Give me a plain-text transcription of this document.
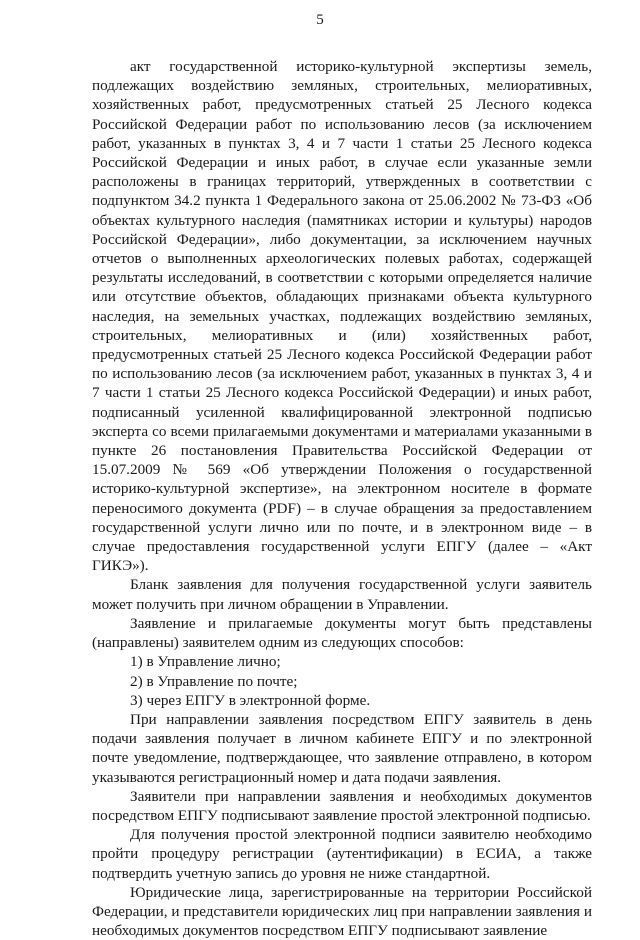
5

акт государственной историко-культурной экспертизы земель, подлежащих воздействию земляных, строительных, мелиоративных, хозяйственных работ, предусмотренных статьей 25 Лесного кодекса Российской Федерации работ по использованию лесов (за исключением работ, указанных в пунктах 3, 4 и 7 части 1 статьи 25 Лесного кодекса Российской Федерации и иных работ, в случае если указанные земли расположены в границах территорий, утвержденных в соответствии с подпунктом 34.2 пункта 1 Федерального закона от 25.06.2002 № 73-ФЗ «Об объектах культурного наследия (памятниках истории и культуры) народов Российской Федерации», либо документации, за исключением научных отчетов о выполненных археологических полевых работах, содержащей результаты исследований, в соответствии с которыми определяется наличие или отсутствие объектов, обладающих признаками объекта культурного наследия, на земельных участках, подлежащих воздействию земляных, строительных, мелиоративных и (или) хозяйственных работ, предусмотренных статьей 25 Лесного кодекса Российской Федерации работ по использованию лесов (за исключением работ, указанных в пунктах 3, 4 и 7 части 1 статьи 25 Лесного кодекса Российской Федерации) и иных работ, подписанный усиленной квалифицированной электронной подписью эксперта со всеми прилагаемыми документами и материалами указанными в пункте 26 постановления Правительства Российской Федерации от 15.07.2009 № 569 «Об утверждении Положения о государственной историко-культурной экспертизе», на электронном носителе в формате переносимого документа (PDF) – в случае обращения за предоставлением государственной услуги лично или по почте, и в электронном виде – в случае предоставления государственной услуги ЕПГУ (далее – «Акт ГИКЭ»).

Бланк заявления для получения государственной услуги заявитель может получить при личном обращении в Управлении.

Заявление и прилагаемые документы могут быть представлены (направлены) заявителем одним из следующих способов:

1) в Управление лично;

2) в Управление по почте;

3) через ЕПГУ в электронной форме.

При направлении заявления посредством ЕПГУ заявитель в день подачи заявления получает в личном кабинете ЕПГУ и по электронной почте уведомление, подтверждающее, что заявление отправлено, в котором указываются регистрационный номер и дата подачи заявления.

Заявители при направлении заявления и необходимых документов посредством ЕПГУ подписывают заявление простой электронной подписью.

Для получения простой электронной подписи заявителю необходимо пройти процедуру регистрации (аутентификации) в ЕСИА, а также подтвердить учетную запись до уровня не ниже стандартной.

Юридические лица, зарегистрированные на территории Российской Федерации, и представители юридических лиц при направлении заявления и необходимых документов посредством ЕПГУ подписывают заявление
